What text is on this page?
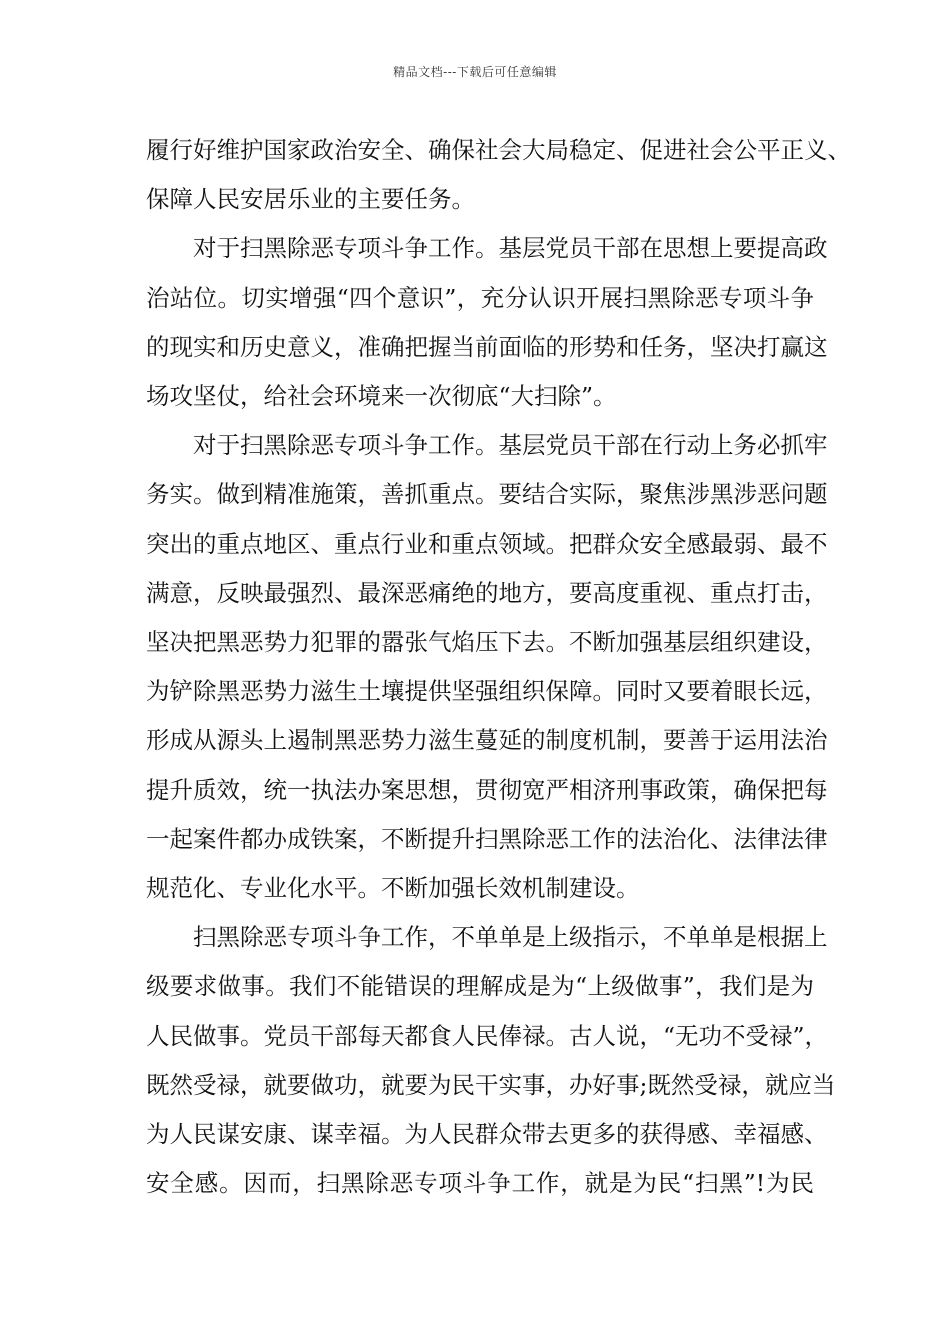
精品文档---下载后可任意编辑

履行好维护国家政治安全、确保社会大局稳定、促进社会公平正义、
保障人民安居乐业的主要任务。

对于扫黑除恶专项斗争工作。基层党员干部在思想上要提高政
治站位。切实增强“四个意识”，充分认识开展扫黑除恶专项斗争
的现实和历史意义，准确把握当前面临的形势和任务，坚决打赢这
场攻坚仗，给社会环境来一次彻底“大扫除”。

对于扫黑除恶专项斗争工作。基层党员干部在行动上务必抓牢
务实。做到精准施策，善抓重点。要结合实际，聚焦涉黑涉恶问题
突出的重点地区、重点行业和重点领域。把群众安全感最弱、最不
满意，反映最强烈、最深恶痛绝的地方，要高度重视、重点打击，
坚决把黑恶势力犯罪的嚣张气焰压下去。不断加强基层组织建设，
为铲除黑恶势力滋生土壤提供坚强组织保障。同时又要着眼长远，
形成从源头上遏制黑恶势力滋生蔓延的制度机制，要善于运用法治
提升质效，统一执法办案思想，贯彻宽严相济刑事政策，确保把每
一起案件都办成铁案，不断提升扫黑除恶工作的法治化、法律法律
规范化、专业化水平。不断加强长效机制建设。

扫黑除恶专项斗争工作，不单单是上级指示，不单单是根据上
级要求做事。我们不能错误的理解成是为“上级做事”，我们是为
人民做事。党员干部每天都食人民俸禄。古人说，“无功不受禄”，
既然受禄，就要做功，就要为民干实事，办好事;既然受禄，就应当
为人民谋安康、谋幸福。为人民群众带去更多的获得感、幸福感、
安全感。因而，扫黑除恶专项斗争工作，就是为民“扫黑”!为民
